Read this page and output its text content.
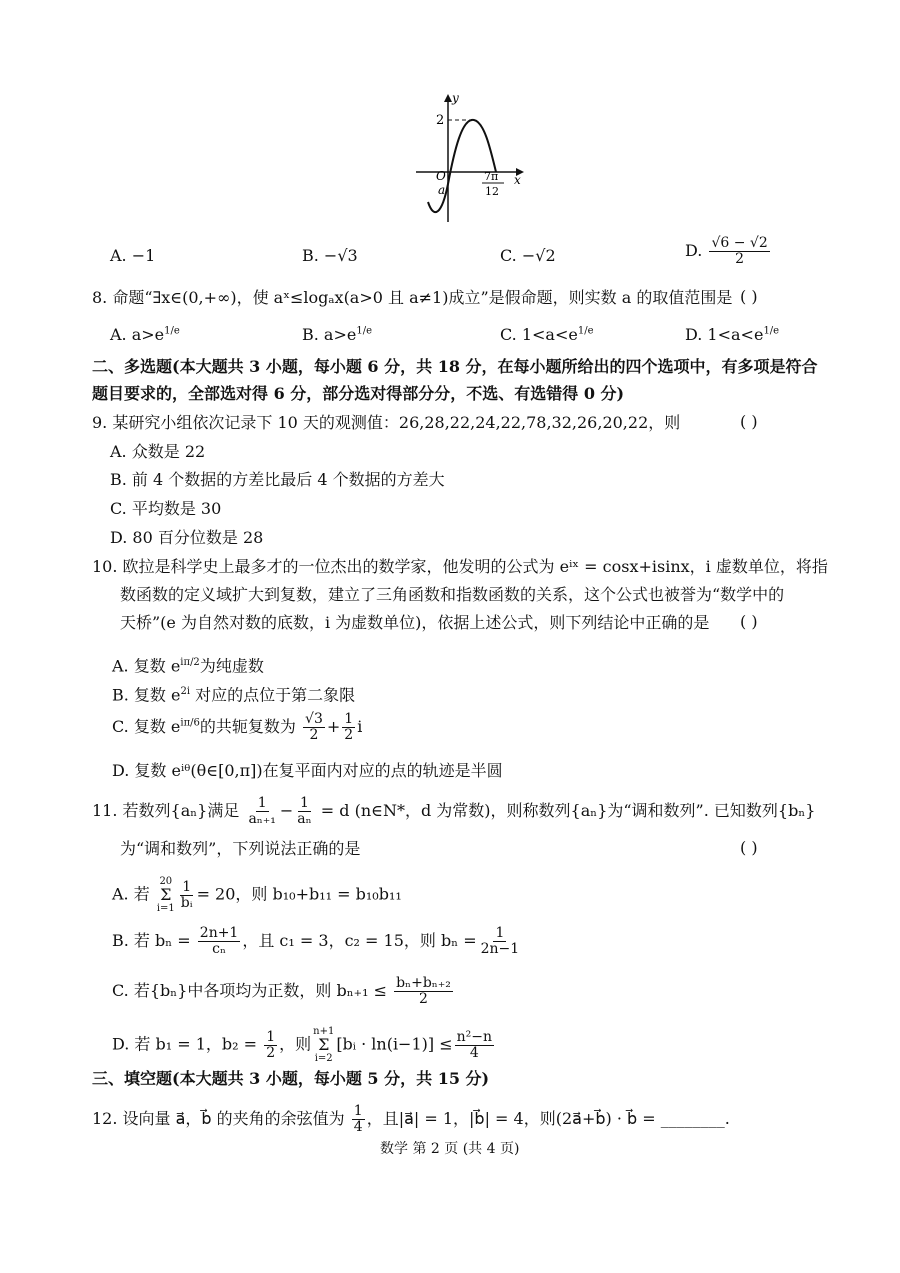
y
x
2
O
a
7π
12
A. −1	B. −√3	C. −√2	D. $\frac{√6 - √2}{2}$
8. 命题“∃x∈(0,+∞)，使 aˣ≤logₐx(a>0 且 a≠1)成立”是假命题，则实数 a 的取值范围是 ( )
A. $a>e^{1/e}$	B. $a>e^{1/e}$	C. $1<a<e^{1/e}$	D. $1<a<e^{1/e}$
二、多选题(本大题共 3 小题，每小题 6 分，共 18 分，在每小题所给出的四个选项中，有多项是符合
题目要求的，全部选对得 6 分，部分选对得部分分，不选、有选错得 0 分)
9. 某研究小组依次记录下 10 天的观测值：26,28,22,24,22,78,32,26,20,22，则	( )
A. 众数是 22
B. 前 4 个数据的方差比最后 4 个数据的方差大
C. 平均数是 30
D. 80 百分位数是 28
10. 欧拉是科学史上最多才的一位杰出的数学家，他发明的公式为 eⁱˣ = cosx+isinx，i 虚数单位，将指
数函数的定义域扩大到复数，建立了三角函数和指数函数的关系，这个公式也被誉为“数学中的
天桥”(e 为自然对数的底数，i 为虚数单位)，依据上述公式，则下列结论中正确的是 ( )
A. 复数 $e^{i\pi/2}$为纯虚数
B. 复数 $e^{2i}$ 对应的点位于第二象限
C. 复数 $e^{i\pi/6}$的共轭复数为 $\frac{√3}{2} + \frac{1}{2}$ i
D. 复数 eⁱᶿ(θ∈[0,π])在复平面内对应的点的轨迹是半圆
11. 若数列{aₙ}满足 $\frac{1}{\text{aₙ₊₁}} - \frac{1}{\text{aₙ}} = d$ (n∈N*，d 为常数)，则称数列{aₙ}为“调和数列”. 已知数列{bₙ}
为“调和数列”，下列说法正确的是	( )
A. 若
20
Σ
$i=1 \frac{1}{\text{bᵢ}} = 20$，则 b₁₀+b₁₁ = b₁₀b₁₁
B. 若 $b_n = \frac{2n+1}{\text{cₙ}}$ ，且 c₁ = 3，c₂ = 15，则 $b_n = \frac{1}{2n-1}$
C. 若{bₙ}中各项均为正数，则 $b_{n+1} \le \frac{\text{bₙ+bₙ₊₂}}{2}$
D. 若 b₁ = 1，$b_2 = \frac{1}{2}$ ，则
n+1
Σ
i=2
[bᵢ · $\ln(i-1)] \le \frac{\text{n²−n}}{4}$
三、填空题(本大题共 3 小题，每小题 5 分，共 15 分)
12. 设向量 a⃗，b⃗ 的夹角的余弦值为 $\frac{1}{4}$ ，且|a⃗| = 1，|b⃗| = 4，则(2a⃗+b⃗) · b⃗ = ________.
数学 第 2 页 (共 4 页)
